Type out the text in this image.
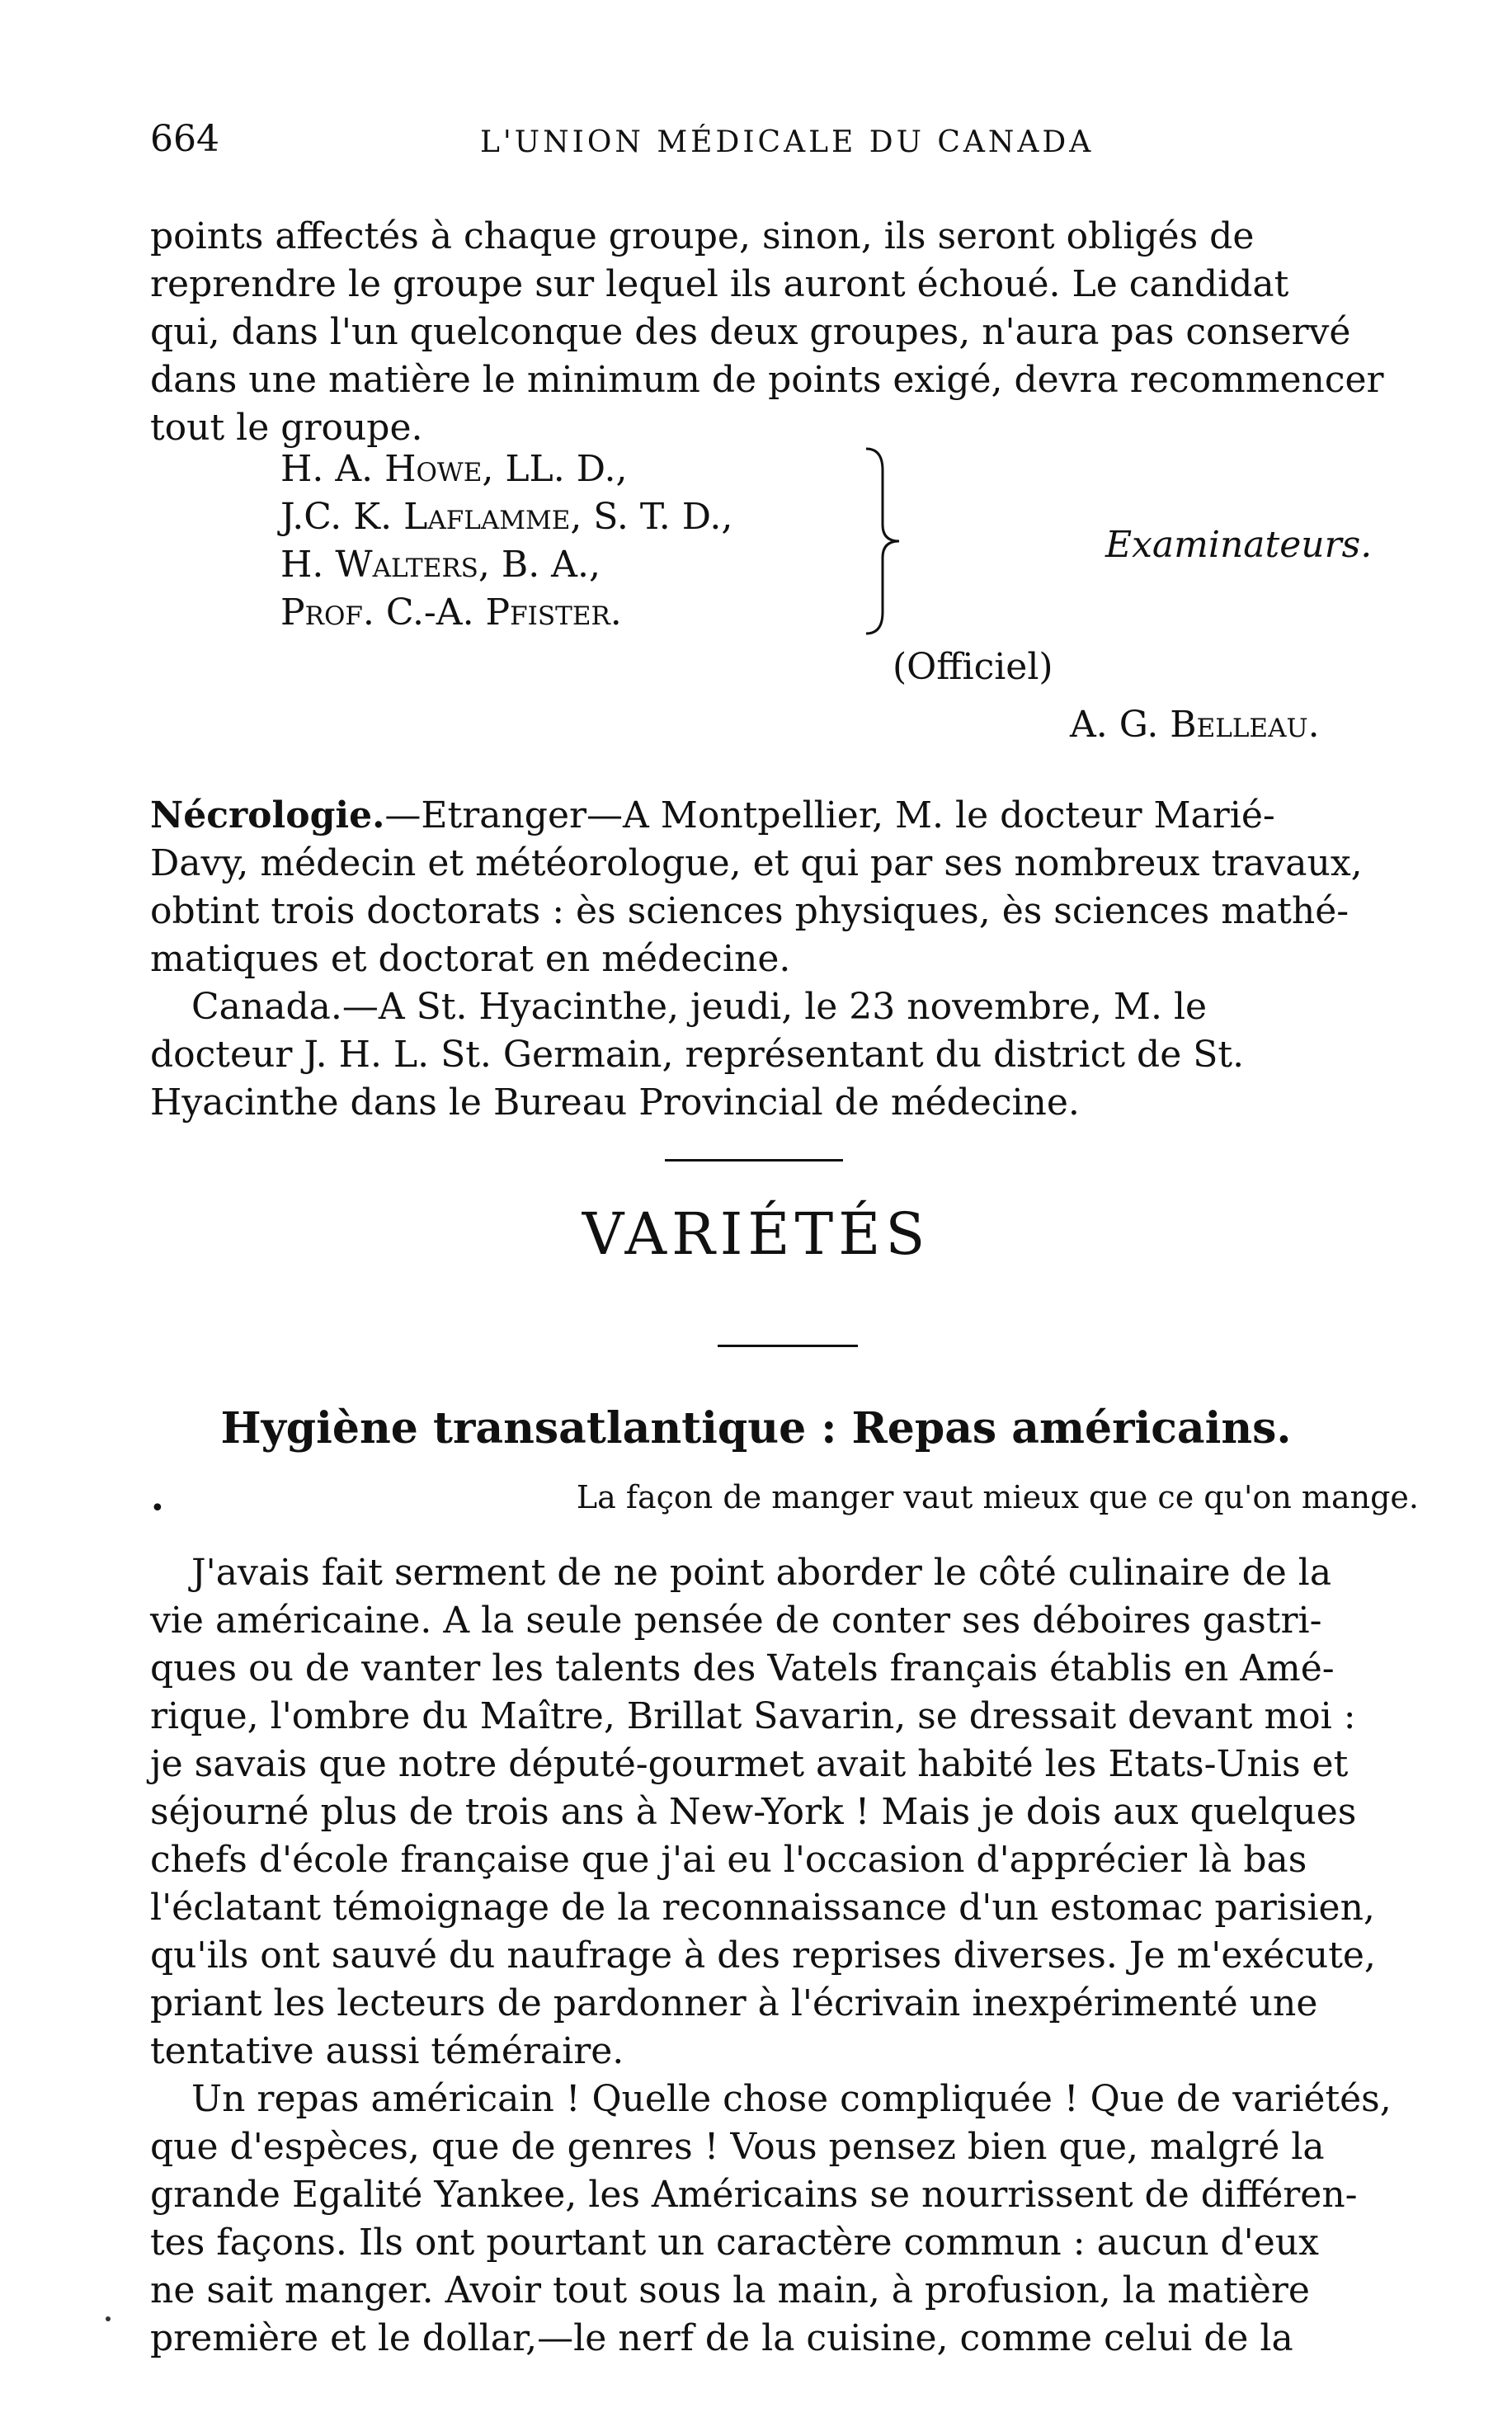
664	L'UNION MÉDICALE DU CANADA
points affectés à chaque groupe, sinon, ils seront obligés de
reprendre le groupe sur lequel ils auront échoué. Le candidat
qui, dans l'un quelconque des deux groupes, n'aura pas conservé
dans une matière le minimum de points exigé, devra recommencer
tout le groupe.
H. A. Howe, LL. D.,
J.C. K. Laflamme, S. T. D.,
H. Walters, B. A.,
Prof. C.-A. Pfister.
Examinateurs.
(Officiel)
A. G. Belleau.
Nécrologie.—Etranger—A Montpellier, M. le docteur Marié-
Davy, médecin et météorologue, et qui par ses nombreux travaux,
obtint trois doctorats : ès sciences physiques, ès sciences mathé-
matiques et doctorat en médecine.
Canada.—A St. Hyacinthe, jeudi, le 23 novembre, M. le
docteur J. H. L. St. Germain, représentant du district de St.
Hyacinthe dans le Bureau Provincial de médecine.
VARIÉTÉS
Hygiène transatlantique : Repas américains.
•	La façon de manger vaut mieux que ce qu'on mange.
J'avais fait serment de ne point aborder le côté culinaire de la
vie américaine. A la seule pensée de conter ses déboires gastri-
ques ou de vanter les talents des Vatels français établis en Amé-
rique, l'ombre du Maître, Brillat Savarin, se dressait devant moi :
je savais que notre député-gourmet avait habité les Etats-Unis et
séjourné plus de trois ans à New-York ! Mais je dois aux quelques
chefs d'école française que j'ai eu l'occasion d'apprécier là bas
l'éclatant témoignage de la reconnaissance d'un estomac parisien,
qu'ils ont sauvé du naufrage à des reprises diverses. Je m'exécute,
priant les lecteurs de pardonner à l'écrivain inexpérimenté une
tentative aussi téméraire.
Un repas américain ! Quelle chose compliquée ! Que de variétés,
que d'espèces, que de genres ! Vous pensez bien que, malgré la
grande Egalité Yankee, les Américains se nourrissent de différen-
tes façons. Ils ont pourtant un caractère commun : aucun d'eux
ne sait manger. Avoir tout sous la main, à profusion, la matière
première et le dollar,—le nerf de la cuisine, comme celui de la
